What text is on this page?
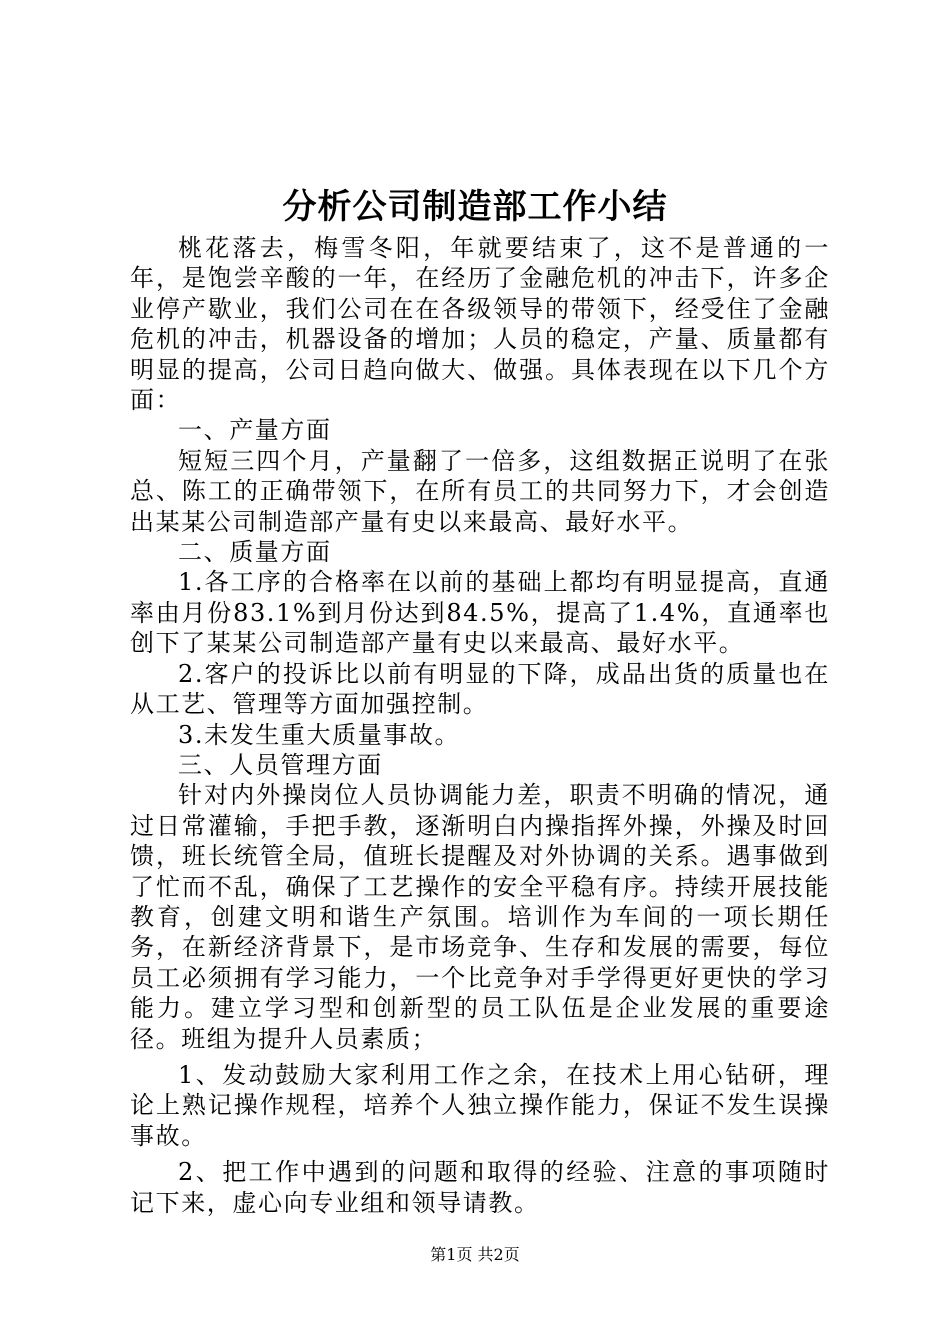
分析公司制造部工作小结

桃花落去，梅雪冬阳，年就要结束了，这不是普通的一年，是饱尝辛酸的一年，在经历了金融危机的冲击下，许多企业停产歇业，我们公司在在各级领导的带领下，经受住了金融危机的冲击，机器设备的增加；人员的稳定，产量、质量都有明显的提高，公司日趋向做大、做强。具体表现在以下几个方面：

一、产量方面

短短三四个月，产量翻了一倍多，这组数据正说明了在张总、陈工的正确带领下，在所有员工的共同努力下，才会创造出某某公司制造部产量有史以来最高、最好水平。

二、质量方面

1.各工序的合格率在以前的基础上都均有明显提高，直通率由月份83.1%到月份达到84.5%，提高了1.4%，直通率也创下了某某公司制造部产量有史以来最高、最好水平。

2.客户的投诉比以前有明显的下降，成品出货的质量也在从工艺、管理等方面加强控制。

3.未发生重大质量事故。

三、人员管理方面

针对内外操岗位人员协调能力差，职责不明确的情况，通过日常灌输，手把手教，逐渐明白内操指挥外操，外操及时回馈，班长统管全局，值班长提醒及对外协调的关系。遇事做到了忙而不乱，确保了工艺操作的安全平稳有序。持续开展技能教育，创建文明和谐生产氛围。培训作为车间的一项长期任务，在新经济背景下，是市场竞争、生存和发展的需要，每位员工必须拥有学习能力，一个比竞争对手学得更好更快的学习能力。建立学习型和创新型的员工队伍是企业发展的重要途径。班组为提升人员素质；

1、发动鼓励大家利用工作之余，在技术上用心钻研，理论上熟记操作规程，培养个人独立操作能力，保证不发生误操事故。

2、把工作中遇到的问题和取得的经验、注意的事项随时记下来，虚心向专业组和领导请教。

第1页 共2页
